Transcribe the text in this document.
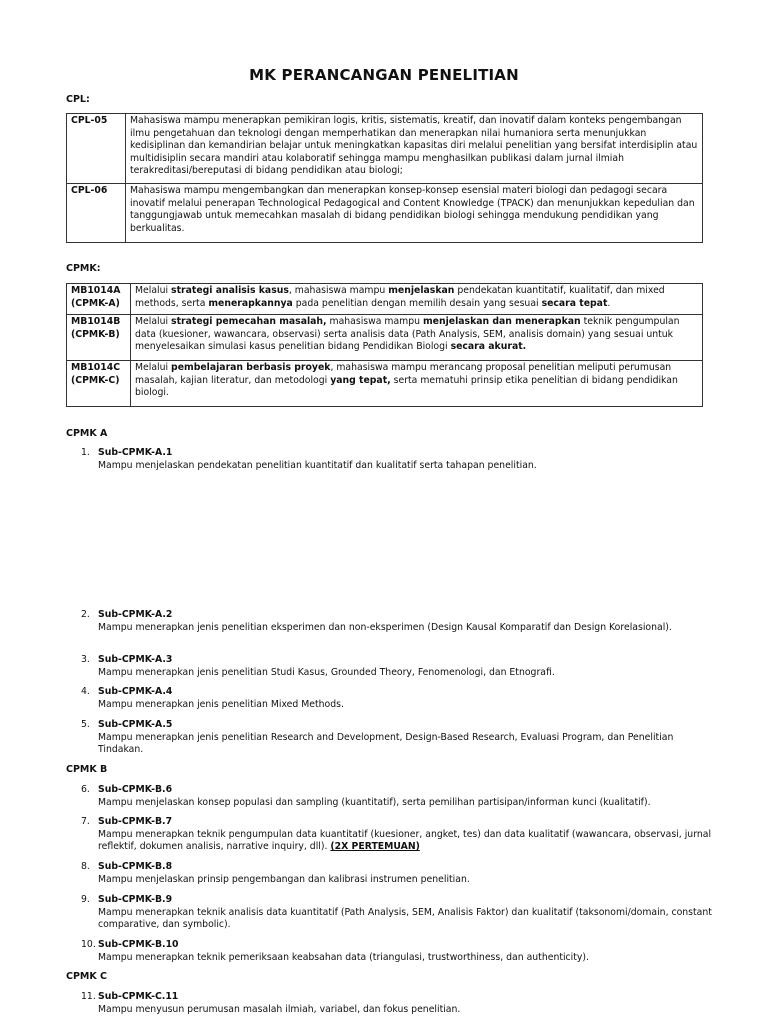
MK PERANCANGAN PENELITIAN
CPL:
CPL-05	Mahasiswa mampu menerapkan pemikiran logis, kritis, sistematis, kreatif, dan inovatif dalam konteks pengembangan ilmu pengetahuan dan teknologi dengan memperhatikan dan menerapkan nilai humaniora serta menunjukkan kedisiplinan dan kemandirian belajar untuk meningkatkan kapasitas diri melalui penelitian yang bersifat interdisiplin atau multidisiplin secara mandiri atau kolaboratif sehingga mampu menghasilkan publikasi dalam jurnal ilmiah terakreditasi/bereputasi di bidang pendidikan atau biologi;
CPL-06	Mahasiswa mampu mengembangkan dan menerapkan konsep-konsep esensial materi biologi dan pedagogi secara inovatif melalui penerapan Technological Pedagogical and Content Knowledge (TPACK) dan menunjukkan kepedulian dan tanggungjawab untuk memecahkan masalah di bidang pendidikan biologi sehingga mendukung pendidikan yang berkualitas.
CPMK:
MB1014A
(CPMK-A)	Melalui strategi analisis kasus, mahasiswa mampu menjelaskan pendekatan kuantitatif, kualitatif, dan mixed methods, serta menerapkannya pada penelitian dengan memilih desain yang sesuai secara tepat.
MB1014B
(CPMK-B)	Melalui strategi pemecahan masalah, mahasiswa mampu menjelaskan dan menerapkan teknik pengumpulan data (kuesioner, wawancara, observasi) serta analisis data (Path Analysis, SEM, analisis domain) yang sesuai untuk menyelesaikan simulasi kasus penelitian bidang Pendidikan Biologi secara akurat.
MB1014C
(CPMK-C)	Melalui pembelajaran berbasis proyek, mahasiswa mampu merancang proposal penelitian meliputi perumusan masalah, kajian literatur, dan metodologi yang tepat, serta mematuhi prinsip etika penelitian di bidang pendidikan biologi.
CPMK A
1. Sub-CPMK-A.1
Mampu menjelaskan pendekatan penelitian kuantitatif dan kualitatif serta tahapan penelitian.
2. Sub-CPMK-A.2
Mampu menerapkan jenis penelitian eksperimen dan non-eksperimen (Design Kausal Komparatif dan Design Korelasional).
3. Sub-CPMK-A.3
Mampu menerapkan jenis penelitian Studi Kasus, Grounded Theory, Fenomenologi, dan Etnografi.
4. Sub-CPMK-A.4
Mampu menerapkan jenis penelitian Mixed Methods.
5. Sub-CPMK-A.5
Mampu menerapkan jenis penelitian Research and Development, Design-Based Research, Evaluasi Program, dan Penelitian Tindakan.
CPMK B
6. Sub-CPMK-B.6
Mampu menjelaskan konsep populasi dan sampling (kuantitatif), serta pemilihan partisipan/informan kunci (kualitatif).
7. Sub-CPMK-B.7
Mampu menerapkan teknik pengumpulan data kuantitatif (kuesioner, angket, tes) dan data kualitatif (wawancara, observasi, jurnal reflektif, dokumen analisis, narrative inquiry, dll). (2X PERTEMUAN)
8. Sub-CPMK-B.8
Mampu menjelaskan prinsip pengembangan dan kalibrasi instrumen penelitian.
9. Sub-CPMK-B.9
Mampu menerapkan teknik analisis data kuantitatif (Path Analysis, SEM, Analisis Faktor) dan kualitatif (taksonomi/domain, constant comparative, dan symbolic).
10. Sub-CPMK-B.10
Mampu menerapkan teknik pemeriksaan keabsahan data (triangulasi, trustworthiness, dan authenticity).
CPMK C
11. Sub-CPMK-C.11
Mampu menyusun perumusan masalah ilmiah, variabel, dan fokus penelitian.
